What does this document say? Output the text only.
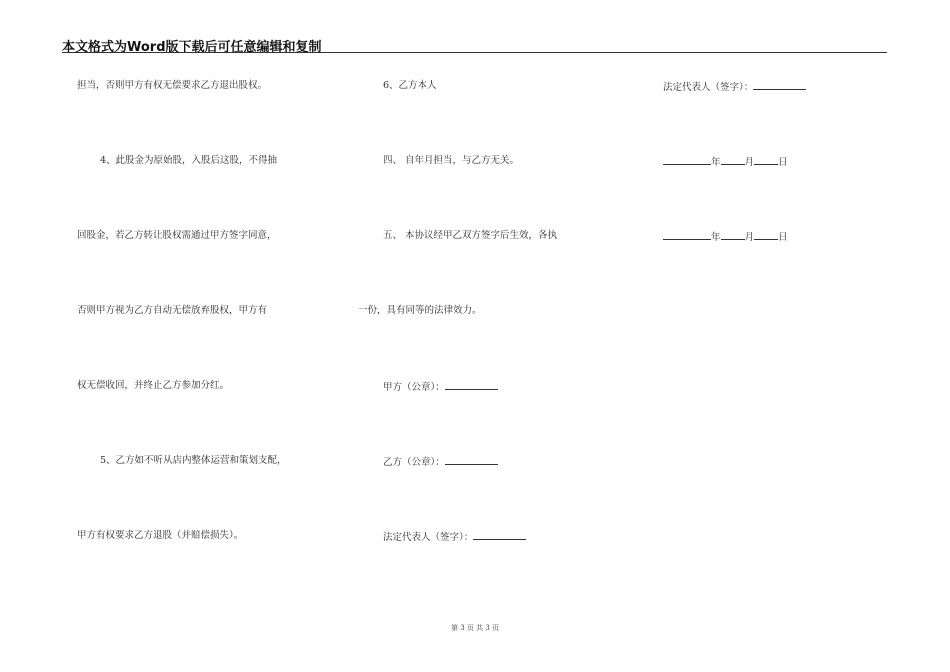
本文格式为Word版下载后可任意编辑和复制
担当，否则甲方有权无偿要求乙方退出股权。
4、此股金为原始股，入股后这股，不得抽
回股金，若乙方转让股权需通过甲方签字同意，
否则甲方视为乙方自动无偿放弃股权，甲方有
权无偿收回，并终止乙方参加分红。
5、乙方如不听从店内整体运营和策划支配，
甲方有权要求乙方退股（并赔偿损失）。
6、乙方本人
四、 自年月担当，与乙方无关。
五、 本协议经甲乙双方签字后生效，各执
一份，具有同等的法律效力。
甲方（公章）：
乙方（公章）：
法定代表人（签字）：
法定代表人（签字）：
年	月	日
年	月	日
第 3 页 共 3 页
